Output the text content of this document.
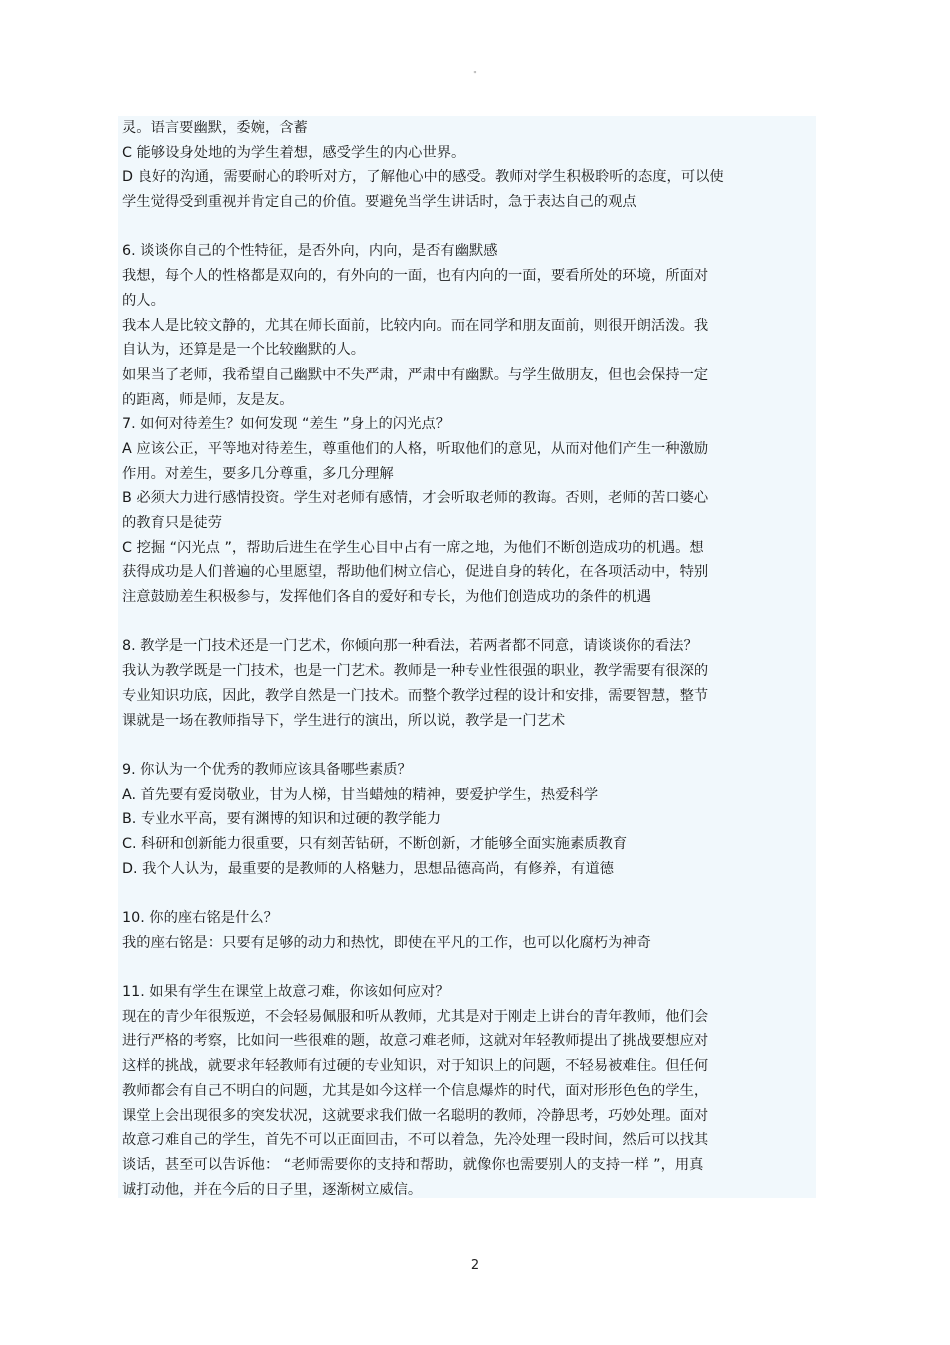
"
灵。语言要幽默，委婉，含蓄
C 能够设身处地的为学生着想，感受学生的内心世界。
D 良好的沟通，需要耐心的聆听对方，了解他心中的感受。教师对学生积极聆听的态度，可以使
学生觉得受到重视并肯定自己的价值。要避免当学生讲话时，急于表达自己的观点
6. 谈谈你自己的个性特征，是否外向，内向，是否有幽默感
我想，每个人的性格都是双向的，有外向的一面，也有内向的一面，要看所处的环境，所面对
的人。
我本人是比较文静的，尤其在师长面前，比较内向。而在同学和朋友面前，则很开朗活泼。我
自认为，还算是是一个比较幽默的人。
如果当了老师，我希望自己幽默中不失严肃，严肃中有幽默。与学生做朋友，但也会保持一定
的距离，师是师，友是友。
7. 如何对待差生？如何发现 “差生 ”身上的闪光点？
A 应该公正，平等地对待差生，尊重他们的人格，听取他们的意见，从而对他们产生一种激励
作用。对差生，要多几分尊重，多几分理解
B 必须大力进行感情投资。学生对老师有感情，才会听取老师的教诲。否则，老师的苦口婆心
的教育只是徒劳
C 挖掘 “闪光点 ”，帮助后进生在学生心目中占有一席之地，为他们不断创造成功的机遇。想
获得成功是人们普遍的心里愿望，帮助他们树立信心，促进自身的转化，在各项活动中，特别
注意鼓励差生积极参与，发挥他们各自的爱好和专长，为他们创造成功的条件的机遇
8. 教学是一门技术还是一门艺术，你倾向那一种看法，若两者都不同意，请谈谈你的看法？
我认为教学既是一门技术，也是一门艺术。教师是一种专业性很强的职业，教学需要有很深的
专业知识功底，因此，教学自然是一门技术。而整个教学过程的设计和安排，需要智慧，整节
课就是一场在教师指导下，学生进行的演出，所以说，教学是一门艺术
9. 你认为一个优秀的教师应该具备哪些素质？
A. 首先要有爱岗敬业，甘为人梯，甘当蜡烛的精神，要爱护学生，热爱科学
B. 专业水平高，要有渊博的知识和过硬的教学能力
C. 科研和创新能力很重要，只有刻苦钻研，不断创新，才能够全面实施素质教育
D. 我个人认为，最重要的是教师的人格魅力，思想品德高尚，有修养，有道德
10. 你的座右铭是什么？
我的座右铭是：只要有足够的动力和热忱，即使在平凡的工作，也可以化腐朽为神奇
11. 如果有学生在课堂上故意刁难，你该如何应对？
现在的青少年很叛逆，不会轻易佩服和听从教师，尤其是对于刚走上讲台的青年教师，他们会
进行严格的考察，比如问一些很难的题，故意刁难老师，这就对年轻教师提出了挑战要想应对
这样的挑战，就要求年轻教师有过硬的专业知识，对于知识上的问题，不轻易被难住。但任何
教师都会有自己不明白的问题，尤其是如今这样一个信息爆炸的时代，面对形形色色的学生，
课堂上会出现很多的突发状况，这就要求我们做一名聪明的教师，冷静思考，巧妙处理。面对
故意刁难自己的学生，首先不可以正面回击，不可以着急，先冷处理一段时间，然后可以找其
谈话，甚至可以告诉他： “老师需要你的支持和帮助，就像你也需要别人的支持一样 ”，用真
诚打动他，并在今后的日子里，逐渐树立威信。
2
